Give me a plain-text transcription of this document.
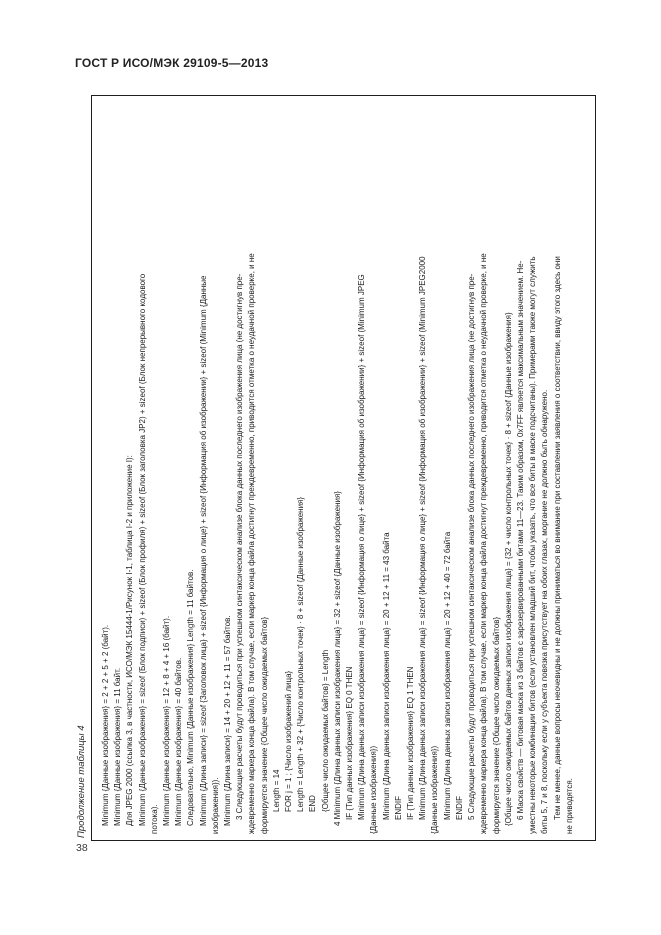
ГОСТ Р ИСО/МЭК 29109-5—2013
Продолжение таблицы 4 Minimum {Данные изображения} = 2 + 2 + 5 + 2 (байт). Minimum {Данные изображения} = 11 байт. Для JPEG 2000 (ссылка 3, в частности, ИСО/МЭК 15444-1/Рисунок I-1, таблица I-2 и приложение I): Minimum {Данные изображения} = sizeof (Блок подписи) + sizeof (Блок профиля) + sizeof (Блок заголовка JP2) + sizeof (Блок непрерывного кодового потока). Minimum {Данные изображения} = 12 + 8 + 4 + 16 (байт). Minimum {Данные изображения} = 40 байтов. Следовательно, Minimum {Данные изображения} Length = 11 байтов. Minimum {Длина записи} = sizeof {Заголовок лица} + sizeof {Информация о лице} + sizeof {Информация об изображении} + sizeof (Minimum {Данные изображения}). Minimum {Длина записи} = 14 + 20 + 12 + 11 = 57 байтов. 3 Следующие расчеты будут проводиться при успешном синтаксическом анализе блока данных последнего изображения лица (не достигнув пре- ждевременно маркера конца файла). В том случае, если маркер конца файла достигнут преждевременно, приводится отметка о неудачной проверке, и не формируется значение {Общее число ожидаемых байтов} Length = 14 FOR j = 1 ; {Число изображений лица} Length = Length + 32 + {Число контрольных точек} · 8 + sizeof {Данные изображения} END {Общее число ожидаемых байтов} = Length 4 Minimum {Длина данных записи изображения лица} = 32 + sizeof {Данные изображения} IF {Тип данных изображения} EQ 0 THEN Minimum {Длина данных записи изображения лица} = sizeof {Информация о лице} + sizeof {Информация об изображении} + sizeof (Minimum JPEG {Данные изображения}) Minimum {Длина данных записи изображения лица} = 20 + 12 + 11 = 43 байта ENDIF IF {Тип данных изображения} EQ 1 THEN Minimum {Длина данных записи изображения лица} = sizeof {Информация о лице} + sizeof {Информация об изображении} + sizeof (Minimum JPEG2000 {Данные изображения}) Minimum {Длина данных записи изображения лица} = 20 + 12 + 40 = 72 байта ENDIF 5 Следующие расчеты будут проводиться при успешном синтаксическом анализе блока данных последнего изображения лица (не достигнув пре- ждевременно маркера конца файла). В том случае, если маркер конца файла достигнут преждевременно, приводится отметка о неудачной проверке, и не формируется значение {Общее число ожидаемых байтов} {Общее число ожидаемых байтов данных записи изображения лица} = {32 + число контрольных точек} · 8 + sizeof {Данные изображения} 6 Маска свойств — битовая маска из 3 байтов с зарезервированными битами 11—23. Таким образом, 0x7FF является максимальным значением. Не- уместны некоторые комбинации битов (если установлен младший бит, чтобы указать, что все биты в маске подсчитаны). Примерами также могут служить биты 5, 7 и 8, поскольку если у субъекта повязка присутствует на обоих глазах, моргание не должно быть обнаружено. Тем не менее, данные вопросы неочевидны и не должны приниматься во внимание при составлении заявления о соответствии, ввиду этого здесь они не приводятся.
38
